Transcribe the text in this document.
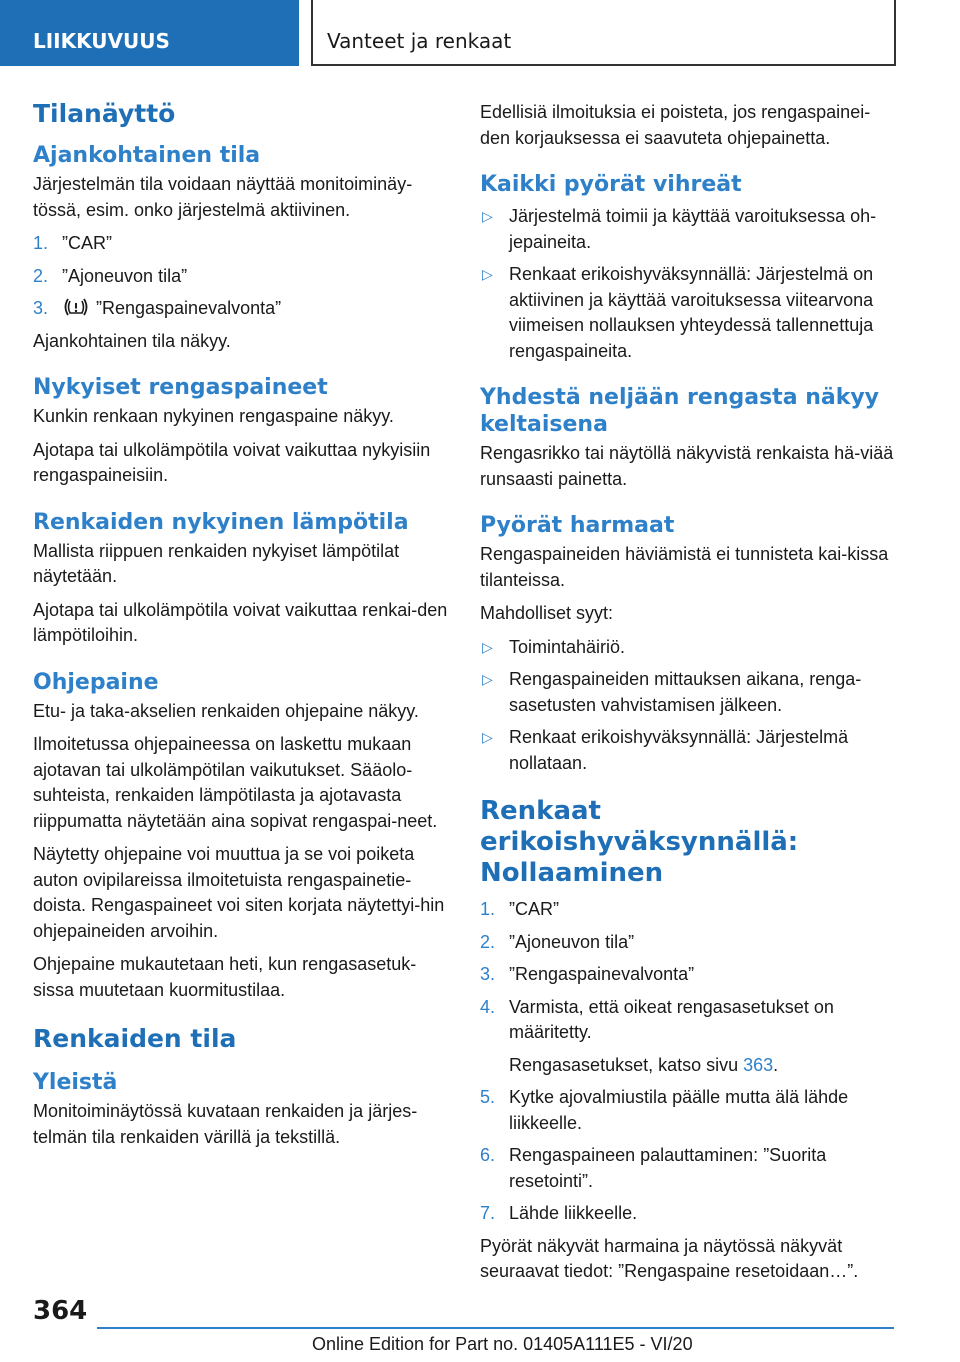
LIIKKUVUUS	Vanteet ja renkaat
Tilanäyttö
Ajankohtainen tila

Järjestelmän tila voidaan näyttää monitoiminäy-tössä, esim. onko järjestelmä aktiivinen.

1. ”CAR”
2. ”Ajoneuvon tila”
3.	”Rengaspainevalvonta”

Ajankohtainen tila näkyy.

Nykyiset rengaspaineet

Kunkin renkaan nykyinen rengaspaine näkyy.

Ajotapa tai ulkolämpötila voivat vaikuttaa nykyisiin rengaspaineisiin.

Renkaiden nykyinen lämpötila

Mallista riippuen renkaiden nykyiset lämpötilat näytetään.

Ajotapa tai ulkolämpötila voivat vaikuttaa renkai-den lämpötiloihin.

Ohjepaine

Etu- ja taka-akselien renkaiden ohjepaine näkyy.

Ilmoitetussa ohjepaineessa on laskettu mukaan ajotavan tai ulkolämpötilan vaikutukset. Sääolo-suhteista, renkaiden lämpötilasta ja ajotavasta riippumatta näytetään aina sopivat rengaspai-neet.

Näytetty ohjepaine voi muuttua ja se voi poiketa auton ovipilareissa ilmoitetuista rengaspainetie-doista. Rengaspaineet voi siten korjata näytettyi-hin ohjepaineiden arvoihin.

Ohjepaine mukautetaan heti, kun rengasasetuk-sissa muutetaan kuormitustilaa.

Renkaiden tila
Yleistä

Monitoiminäytössä kuvataan renkaiden ja järjes-telmän tila renkaiden värillä ja tekstillä.

Edellisiä ilmoituksia ei poisteta, jos rengaspainei-den korjauksessa ei saavuteta ohjepainetta.

Kaikki pyörät vihreät
▷ Järjestelmä toimii ja käyttää varoituksessa oh-jepaineita.
▷ Renkaat erikoishyväksynnällä: Järjestelmä on aktiivinen ja käyttää varoituksessa viitearvona viimeisen nollauksen yhteydessä tallennettuja rengaspaineita.
Yhdestä neljään rengasta näkyy keltaisena

Rengasrikko tai näytöllä näkyvistä renkaista hä-viää runsaasti painetta.

Pyörät harmaat

Rengaspaineiden häviämistä ei tunnisteta kai-kissa tilanteissa.

Mahdolliset syyt:

▷ Toimintahäiriö.
▷ Rengaspaineiden mittauksen aikana, renga-sasetusten vahvistamisen jälkeen.
▷ Renkaat erikoishyväksynnällä: Järjestelmä nollataan.
Renkaat erikoishyväksynnällä: Nollaaminen
1. ”CAR”
2. ”Ajoneuvon tila”
3. ”Rengaspainevalvonta”
4. Varmista, että oikeat rengasasetukset on määritetty.
Rengasasetukset, katso sivu 363.
5. Kytke ajovalmiustila päälle mutta älä lähde liikkeelle.
6. Rengaspaineen palauttaminen: ”Suorita resetointi”.
7. Lähde liikkeelle.

Pyörät näkyvät harmaina ja näytössä näkyvät seuraavat tiedot: ”Rengaspaine resetoidaan…”.

364
Online Edition for Part no. 01405A111E5 - VI/20
